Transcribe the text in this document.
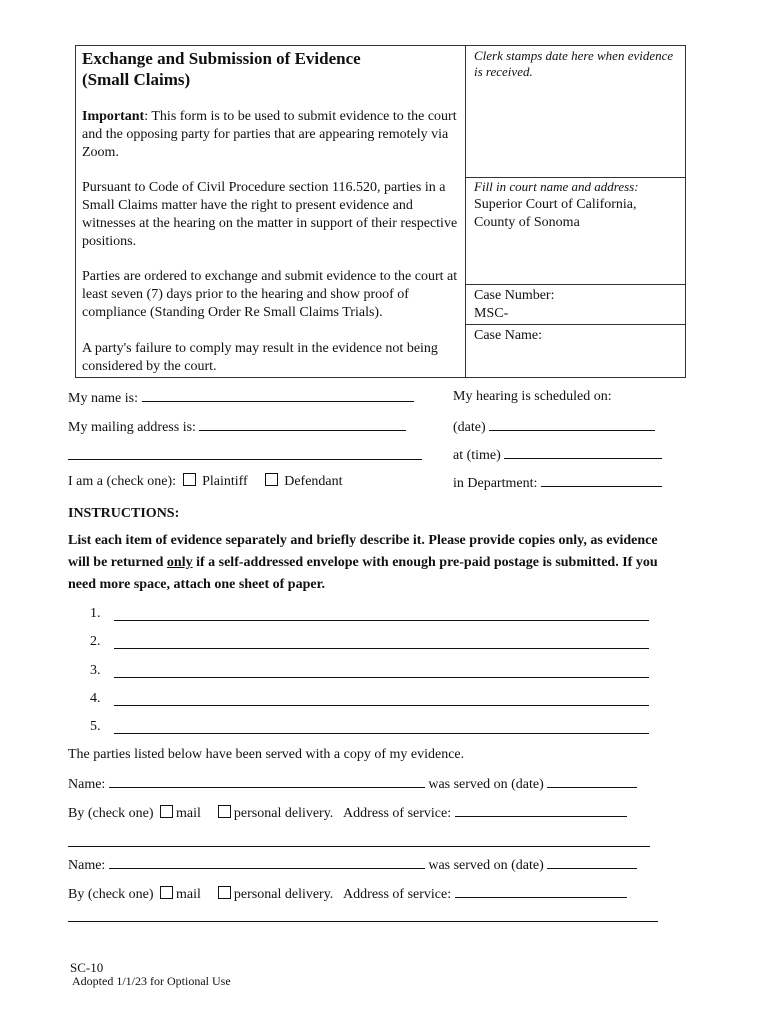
Exchange and Submission of Evidence
(Small Claims)
Important: This form is to be used to submit evidence to the court and the opposing party for parties that are appearing remotely via Zoom.
Pursuant to Code of Civil Procedure section 116.520, parties in a Small Claims matter have the right to present evidence and witnesses at the hearing on the matter in support of their respective positions.
Parties are ordered to exchange and submit evidence to the court at least seven (7) days prior to the hearing and show proof of compliance (Standing Order Re Small Claims Trials).
A party's failure to comply may result in the evidence not being considered by the court.
Clerk stamps date here when evidence is received.
Fill in court name and address:
Superior Court of California,
County of Sonoma
Case Number:
MSC-
Case Name:
My name is:
My mailing address is:
I am a (check one): Plaintiff	Defendant
My hearing is scheduled on:
(date)
at (time)
in Department:
INSTRUCTIONS:
List each item of evidence separately and briefly describe it. Please provide copies only, as evidence will be returned only if a self-addressed envelope with enough pre-paid postage is submitted. If you need more space, attach one sheet of paper.
1.
2.
3.
4.
5.
The parties listed below have been served with a copy of my evidence.
Name:	was served on (date)
By (check one) mail personal delivery. Address of service:
Name:	was served on (date)
By (check one) mail personal delivery. Address of service:
SC-10
Adopted 1/1/23 for Optional Use
